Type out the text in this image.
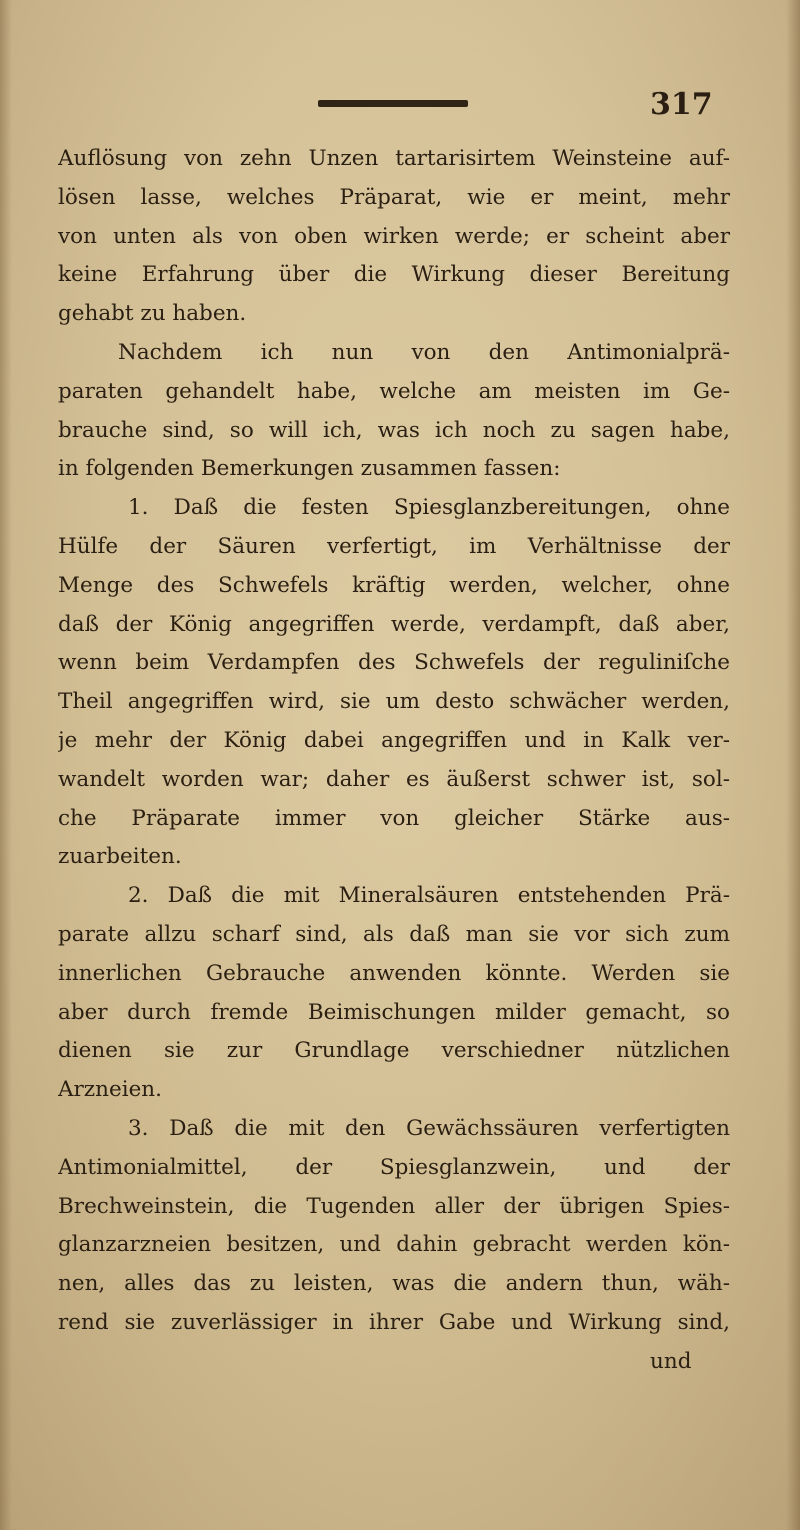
317
Auflösung von zehn Unzen tartarisirtem Weinsteine auf-
lösen lasse, welches Präparat, wie er meint, mehr
von unten als von oben wirken werde; er scheint aber
keine Erfahrung über die Wirkung dieser Bereitung
gehabt zu haben.
Nachdem ich nun von den Antimonialprä-
paraten gehandelt habe, welche am meisten im Ge-
brauche sind, so will ich, was ich noch zu sagen habe,
in folgenden Bemerkungen zusammen fassen:
1. Daß die festen Spiesglanzbereitungen, ohne
Hülfe der Säuren verfertigt, im Verhältnisse der
Menge des Schwefels kräftig werden, welcher, ohne
daß der König angegriffen werde, verdampft, daß aber,
wenn beim Verdampfen des Schwefels der reguliniſche
Theil angegriffen wird, sie um desto schwächer werden,
je mehr der König dabei angegriffen und in Kalk ver-
wandelt worden war; daher es äußerst schwer ist, sol-
che Präparate immer von gleicher Stärke aus-
zuarbeiten.
2. Daß die mit Mineralsäuren entstehenden Prä-
parate allzu scharf sind, als daß man sie vor sich zum
innerlichen Gebrauche anwenden könnte. Werden sie
aber durch fremde Beimischungen milder gemacht, so
dienen sie zur Grundlage verschiedner nützlichen
Arzneien.
3. Daß die mit den Gewächssäuren verfertigten
Antimonialmittel, der Spiesglanzwein, und der
Brechweinstein, die Tugenden aller der übrigen Spies-
glanzarzneien besitzen, und dahin gebracht werden kön-
nen, alles das zu leisten, was die andern thun, wäh-
rend sie zuverlässiger in ihrer Gabe und Wirkung sind,
und
